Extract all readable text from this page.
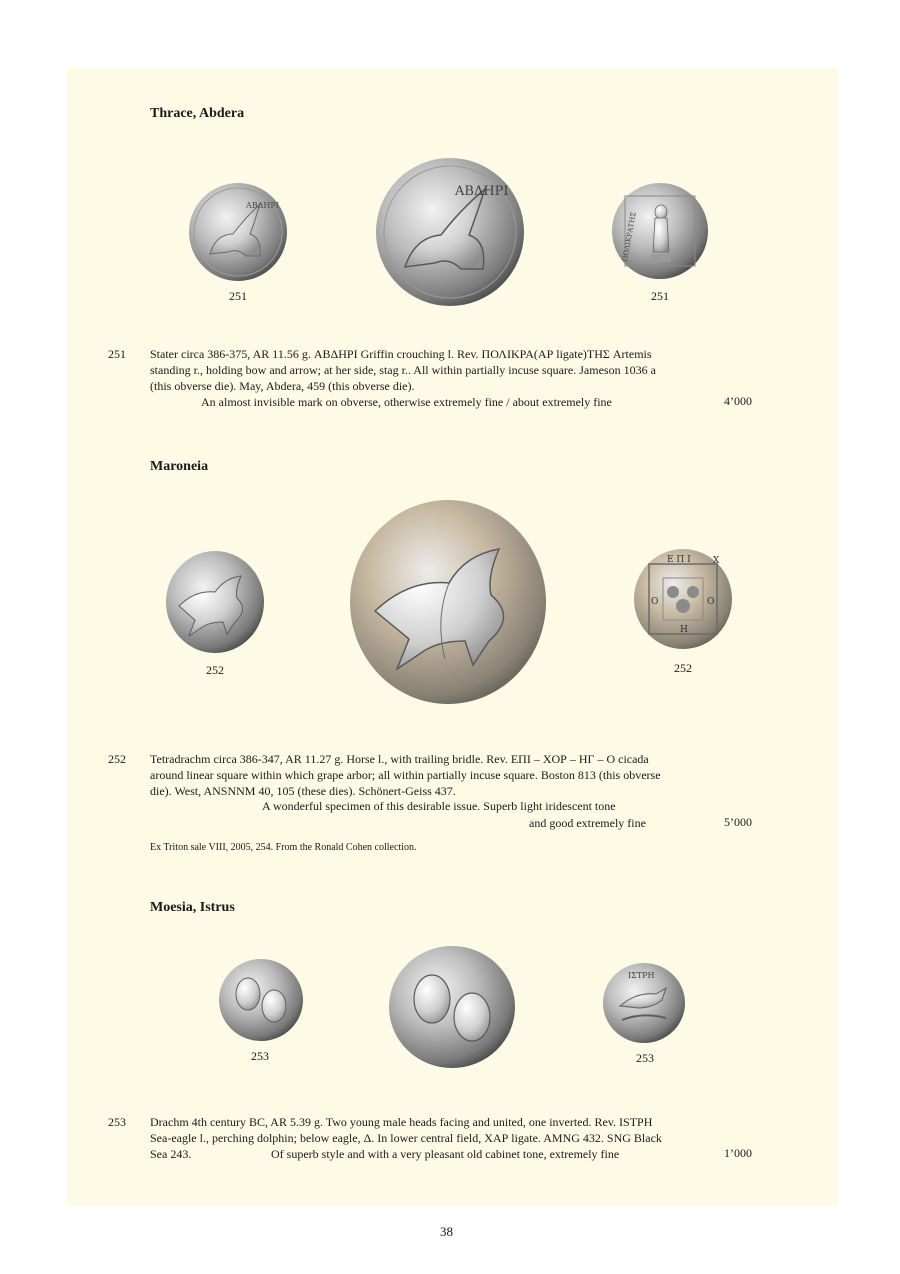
Thrace, Abdera
ΑΒΔΗΡΙ
ΑΒΔΗΡΙ
ΠΟΛΙΚΡΑΤΗΣ
251	251
251 Stater circa 386-375, AR 11.56 g. ΑΒΔΗΡΙ Griffin crouching l. Rev. ΠΟΛΙΚΡΑ(ΑΡ ligate)ΤΗΣ Artemis
standing r., holding bow and arrow; at her side, stag r.. All within partially incuse square. Jameson 1036 a
(this obverse die). May, Abdera, 459 (this obverse die).
An almost invisible mark on obverse, otherwise extremely fine / about extremely fine	4’000
Maroneia
Ε Π Ι Χ
Ο	Ο
Η
252	252
252 Tetradrachm circa 386-347, AR 11.27 g. Horse l., with trailing bridle. Rev. ΕΠΙ – ΧΟΡ – ΗΓ – Ο cicada
around linear square within which grape arbor; all within partially incuse square. Boston 813 (this obverse
die). West, ANSNNM 40, 105 (these dies). Schönert-Geiss 437.
A wonderful specimen of this desirable issue. Superb light iridescent tone
and good extremely fine	5’000
Ex Triton sale VIII, 2005, 254. From the Ronald Cohen collection.
Moesia, Istrus
ΙΣΤΡΗ
253	253
253 Drachm 4th century BC, AR 5.39 g. Two young male heads facing and united, one inverted. Rev. ΙSTPH
Sea-eagle l., perching dolphin; below eagle, Δ. In lower central field, ΧΑΡ ligate. AMNG 432. SNG Black
Sea 243.	Of superb style and with a very pleasant old cabinet tone, extremely fine	1’000
38
